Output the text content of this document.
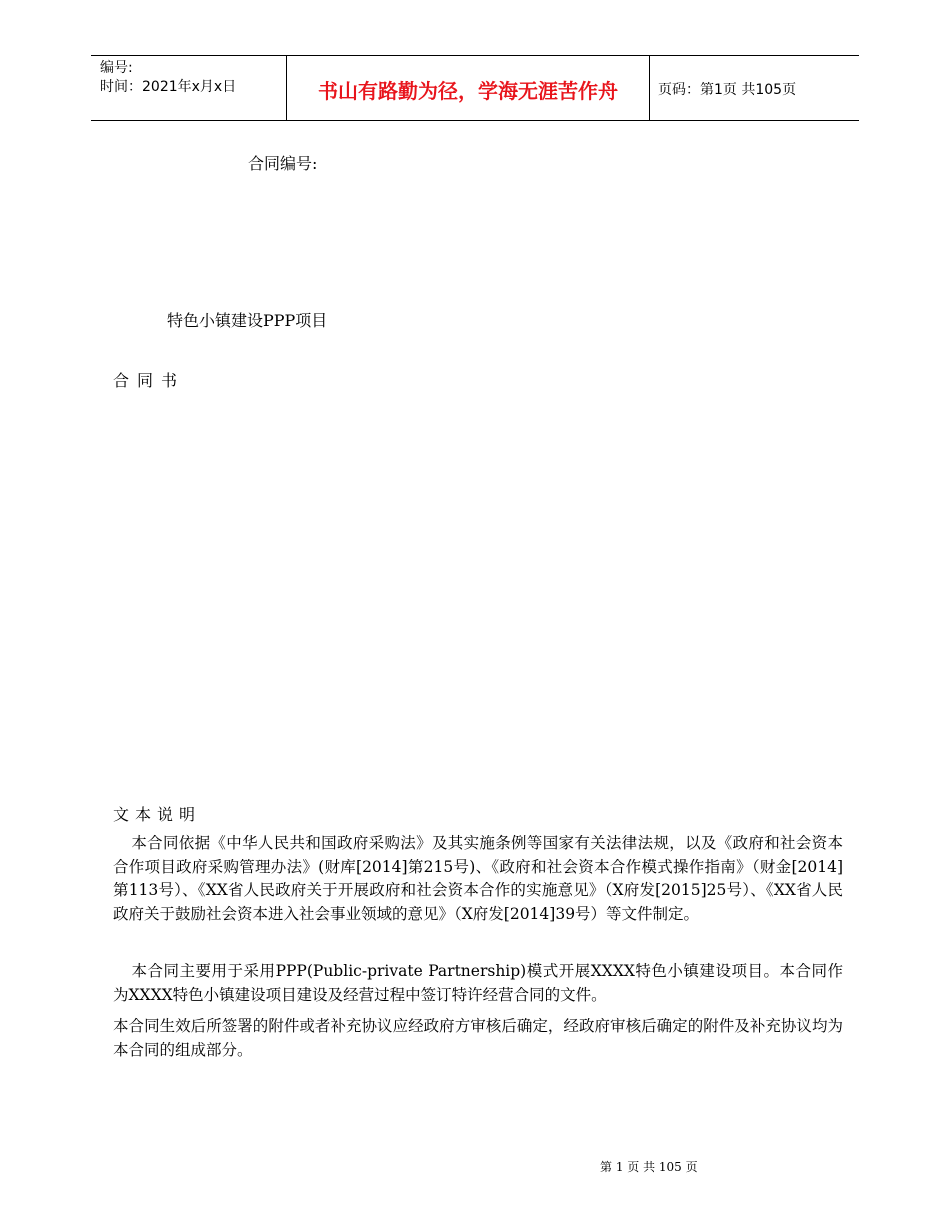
编号:
时间：2021年x月x日	书山有路勤为径，学海无涯苦作舟	页码：第1页 共105页
合同编号:
特色小镇建设PPP项目
合同书
文本说明

本合同依据《中华人民共和国政府采购法》及其实施条例等国家有关法律法规，以及《政府和社会资本合作项目政府采购管理办法》(财库[2014]第215号)、《政府和社会资本合作模式操作指南》（财金[2014]第113号）、《XX省人民政府关于开展政府和社会资本合作的实施意见》（X府发[2015]25号）、《XX省人民政府关于鼓励社会资本进入社会事业领域的意见》（X府发[2014]39号）等文件制定。

本合同主要用于采用PPP(Public-private Partnership)模式开展XXXX特色小镇建设项目。本合同作为XXXX特色小镇建设项目建设及经营过程中签订特许经营合同的文件。

本合同生效后所签署的附件或者补充协议应经政府方审核后确定，经政府审核后确定的附件及补充协议均为本合同的组成部分。

第 1 页 共 105 页
